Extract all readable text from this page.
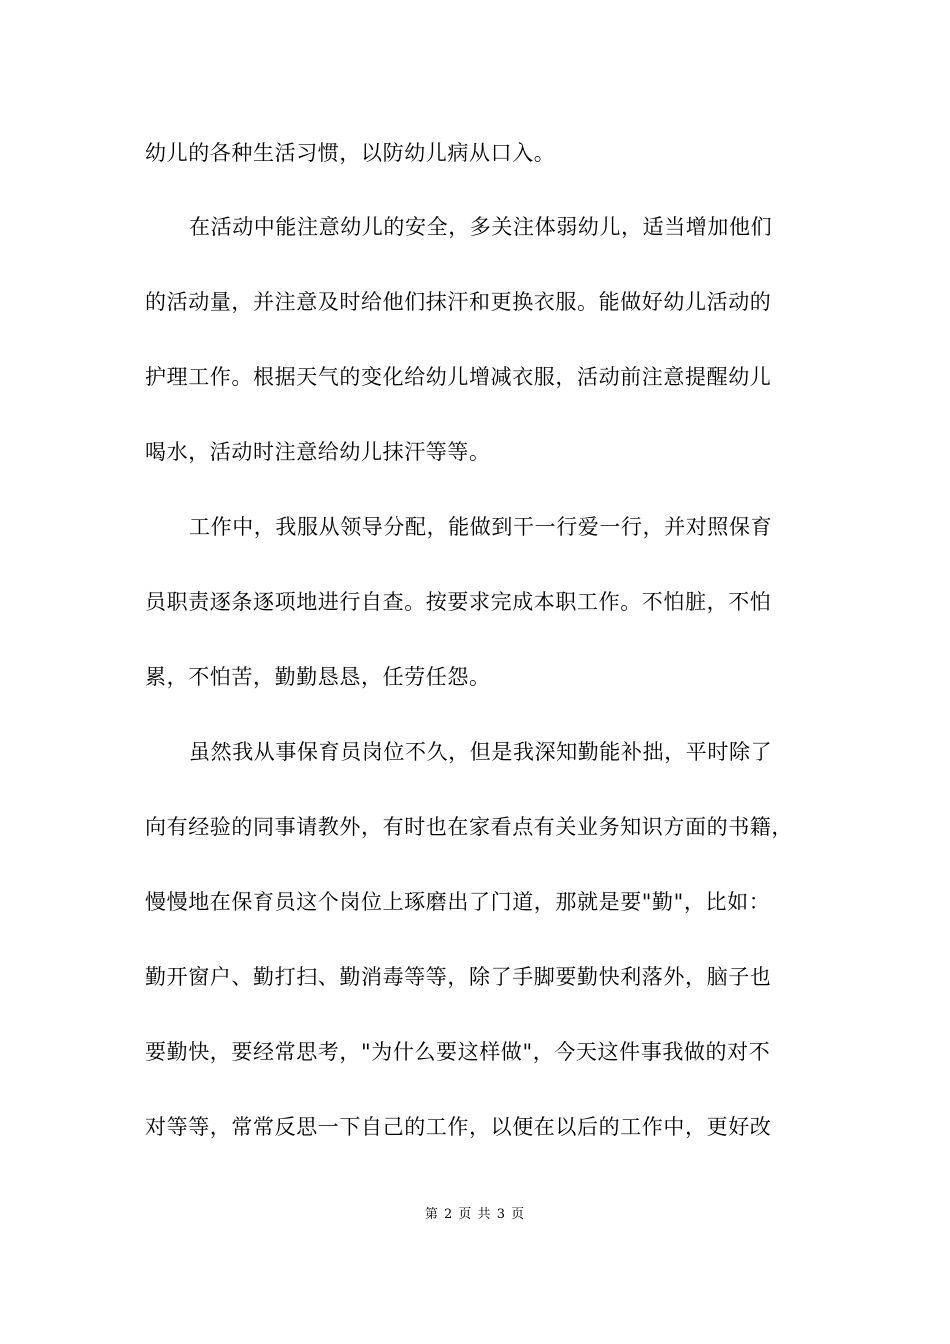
幼儿的各种生活习惯，以防幼儿病从口入。
在活动中能注意幼儿的安全，多关注体弱幼儿，适当增加他们
的活动量，并注意及时给他们抹汗和更换衣服。能做好幼儿活动的
护理工作。根据天气的变化给幼儿增减衣服，活动前注意提醒幼儿
喝水，活动时注意给幼儿抹汗等等。
工作中，我服从领导分配，能做到干一行爱一行，并对照保育
员职责逐条逐项地进行自查。按要求完成本职工作。不怕脏，不怕
累，不怕苦，勤勤恳恳，任劳任怨。
虽然我从事保育员岗位不久，但是我深知勤能补拙，平时除了
向有经验的同事请教外，有时也在家看点有关业务知识方面的书籍，
慢慢地在保育员这个岗位上琢磨出了门道，那就是要"勤"，比如：
勤开窗户、勤打扫、勤消毒等等，除了手脚要勤快利落外，脑子也
要勤快，要经常思考，"为什么要这样做"，今天这件事我做的对不
对等等，常常反思一下自己的工作，以便在以后的工作中，更好改
第 2 页 共 3 页
